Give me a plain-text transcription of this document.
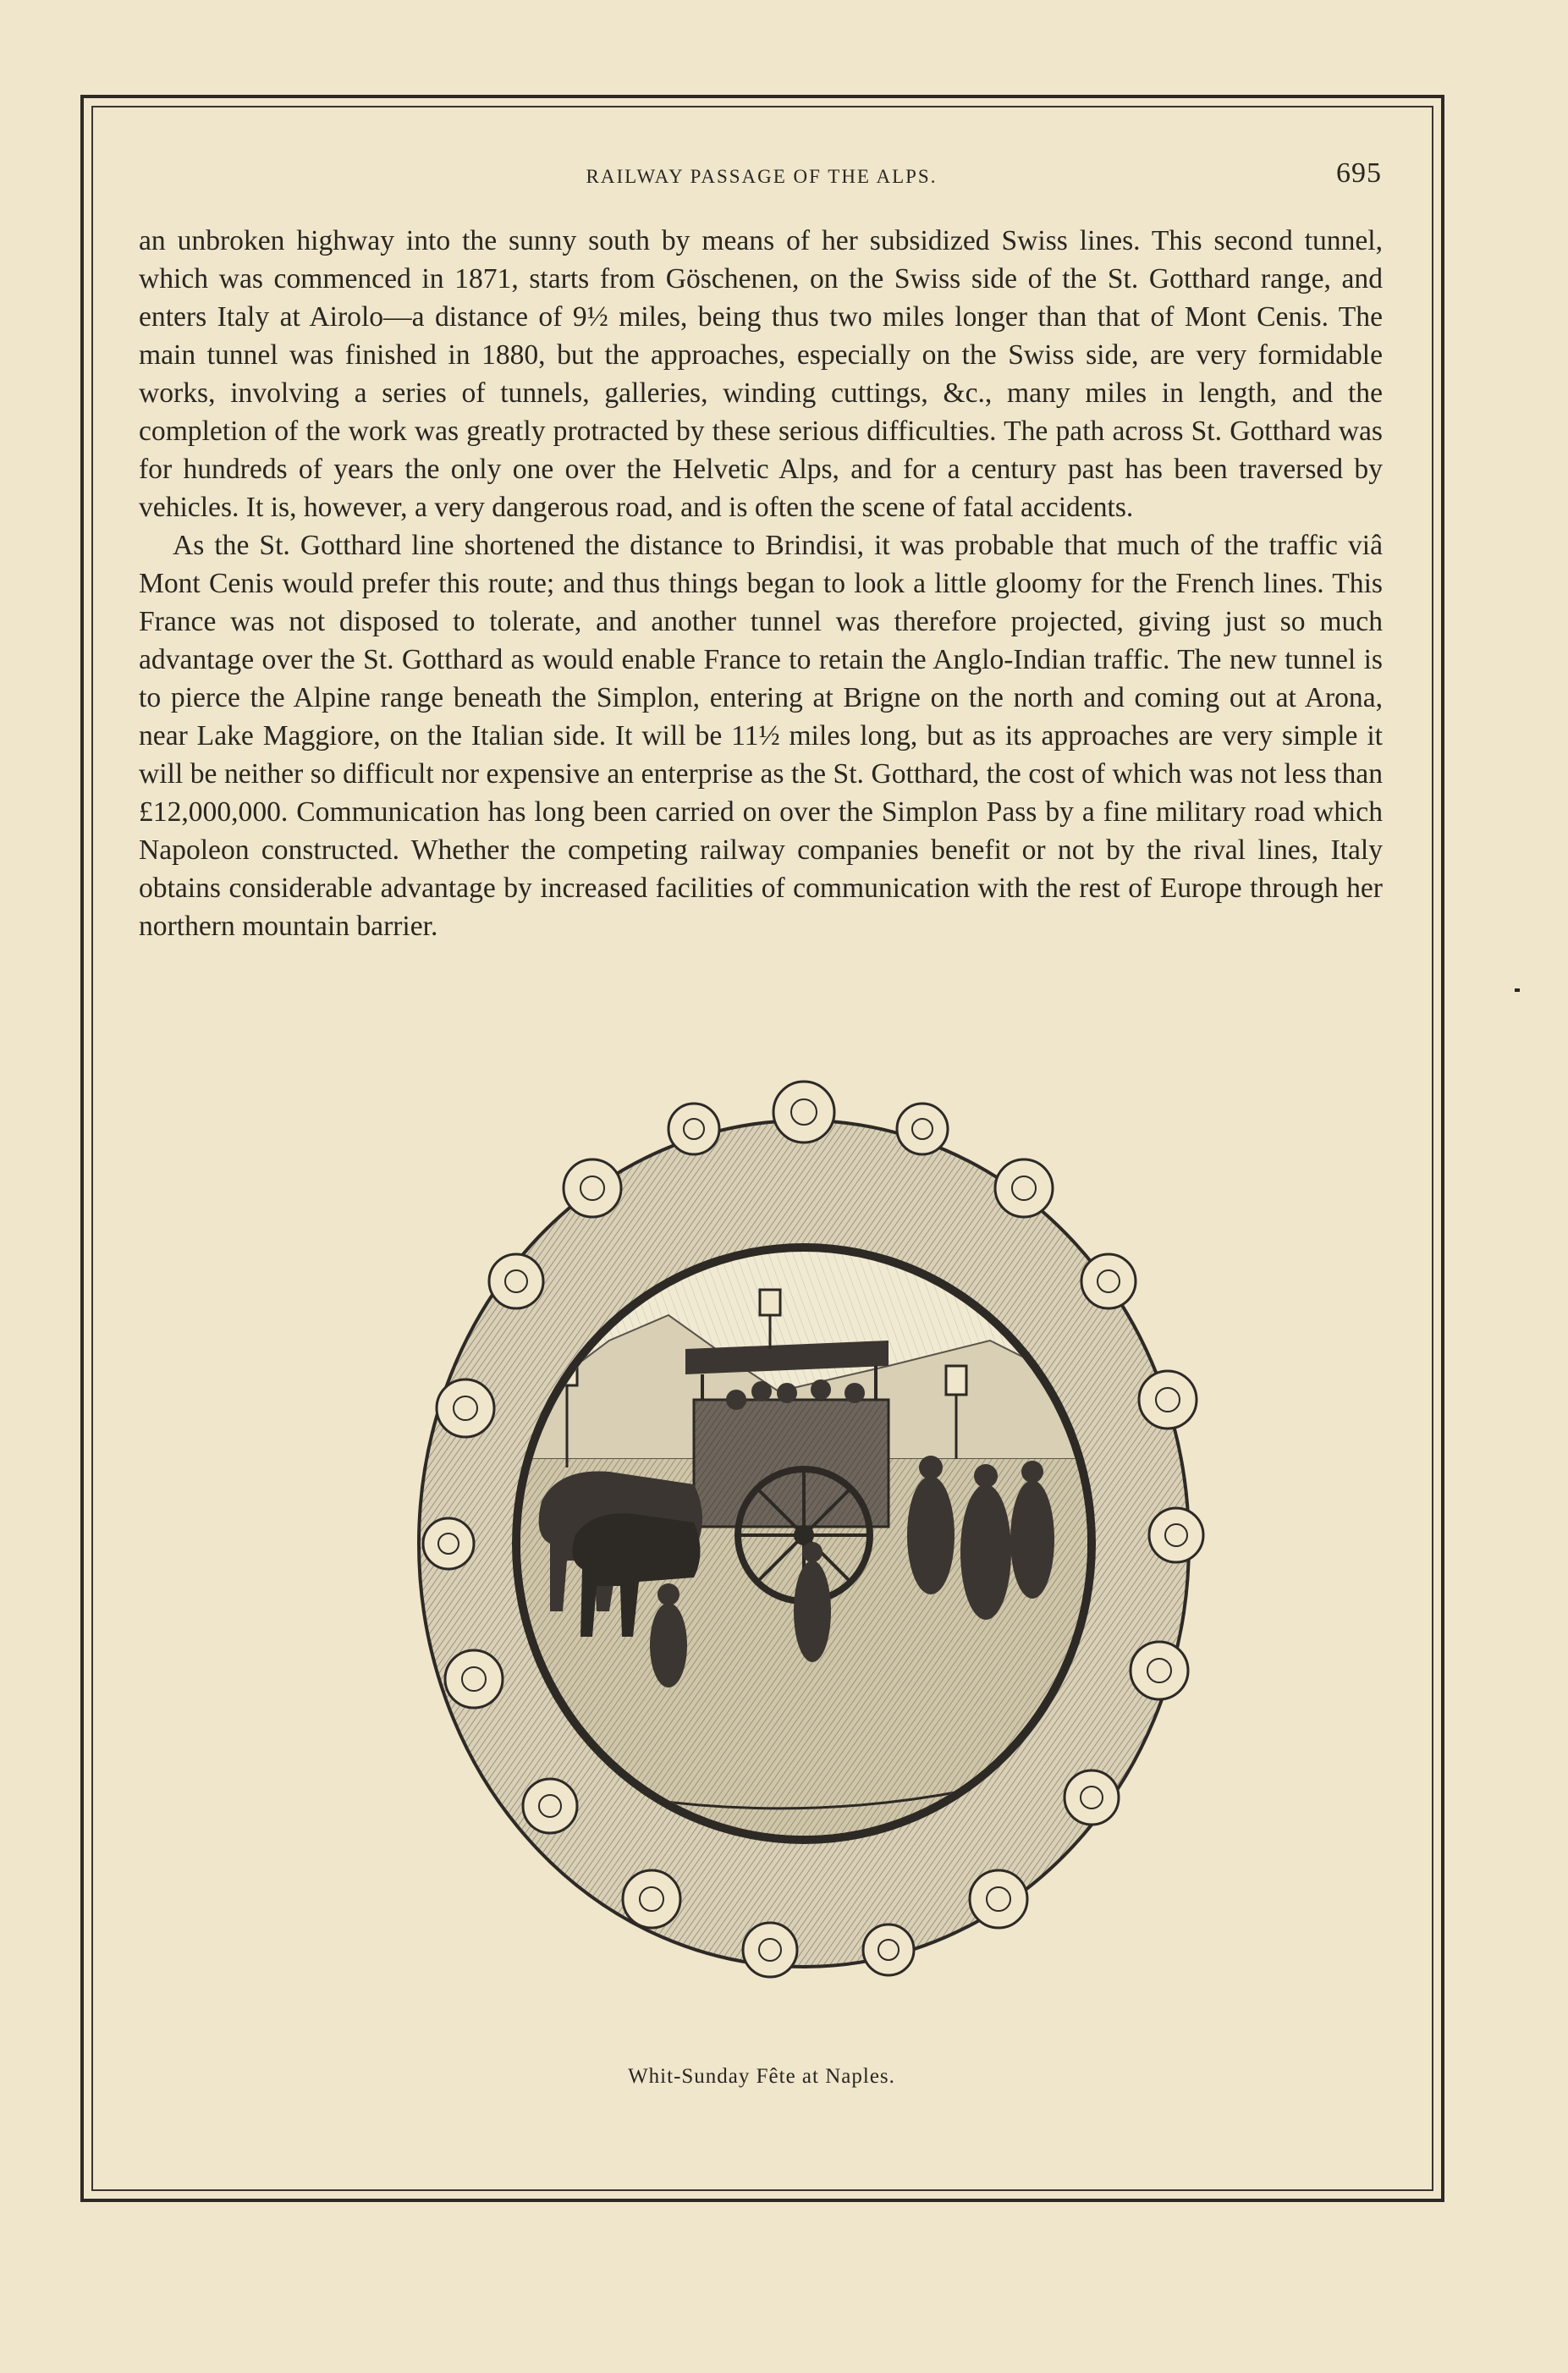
RAILWAY PASSAGE OF THE ALPS.	695

an unbroken highway into the sunny south by means of her subsidized Swiss lines. This second tunnel, which was commenced in 1871, starts from Göschenen, on the Swiss side of the St. Gotthard range, and enters Italy at Airolo—a distance of 9½ miles, being thus two miles longer than that of Mont Cenis. The main tunnel was finished in 1880, but the approaches, especially on the Swiss side, are very formidable works, involving a series of tunnels, galleries, winding cuttings, &c., many miles in length, and the completion of the work was greatly protracted by these serious difficulties. The path across St. Gotthard was for hundreds of years the only one over the Helvetic Alps, and for a century past has been traversed by vehicles. It is, however, a very dangerous road, and is often the scene of fatal accidents.

As the St. Gotthard line shortened the distance to Brindisi, it was probable that much of the traffic viâ Mont Cenis would prefer this route; and thus things began to look a little gloomy for the French lines. This France was not disposed to tolerate, and another tunnel was therefore projected, giving just so much advantage over the St. Gotthard as would enable France to retain the Anglo-Indian traffic. The new tunnel is to pierce the Alpine range beneath the Simplon, entering at Brigne on the north and coming out at Arona, near Lake Maggiore, on the Italian side. It will be 11½ miles long, but as its approaches are very simple it will be neither so difficult nor expensive an enterprise as the St. Gotthard, the cost of which was not less than £12,000,000. Communication has long been carried on over the Simplon Pass by a fine military road which Napoleon constructed. Whether the competing railway companies benefit or not by the rival lines, Italy obtains considerable advantage by increased facilities of communication with the rest of Europe through her northern mountain barrier.

Whit-Sunday Fête at Naples.
